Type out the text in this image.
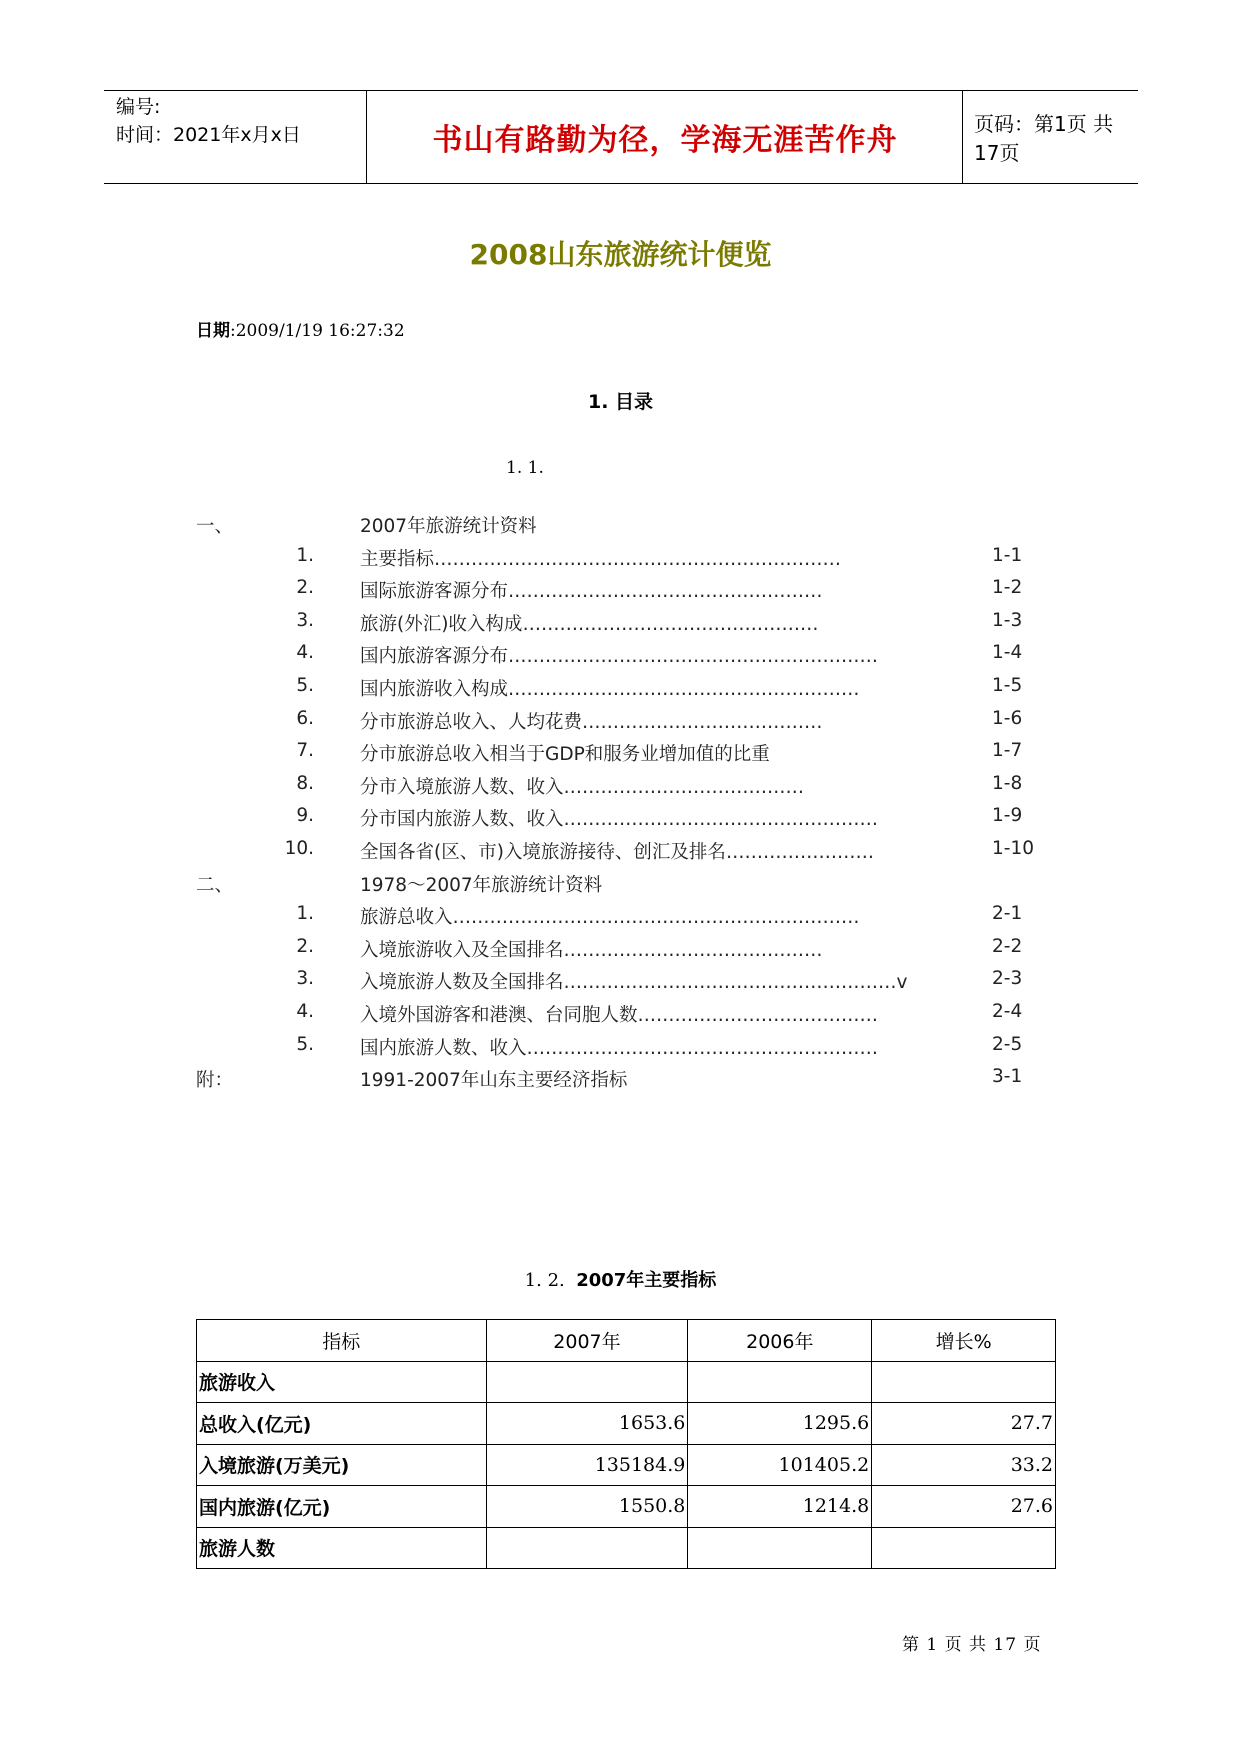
编号:
时间：2021年x月x日	书山有路勤为径，学海无涯苦作舟	页码：第1页 共17页
2008山东旅游统计便览
日期:2009/1/19 16:27:32
1. 目录
1. 1.
一、	2007年旅游统计资料
1.	主要指标…………………………………………………………	1-1
2.	国际旅游客源分布……………………………………………	1-2
3.	旅游(外汇)收入构成…………………………………………	1-3
4.	国内旅游客源分布……………………………………………………	1-4
5.	国内旅游收入构成…………………………………………………	1-5
6.	分市旅游总收入、人均花费…………………………………	1-6
7.	分市旅游总收入相当于GDP和服务业增加值的比重	1-7
8.	分市入境旅游人数、收入…………………………………	1-8
9.	分市国内旅游人数、收入……………………………………………	1-9
10.	全国各省(区、市)入境旅游接待、创汇及排名……………………	1-10
二、	1978～2007年旅游统计资料
1.	旅游总收入…………………………………………………………	2-1
2.	入境旅游收入及全国排名……………………………………	2-2
3.	入境旅游人数及全国排名………………………………………………v	2-3
4.	入境外国游客和港澳、台同胞人数…………………………………	2-4
5.	国内旅游人数、收入…………………………………………………	2-5
附：	1991-2007年山东主要经济指标	3-1
1. 2. 2007年主要指标
指标	2007年	2006年	增长%
旅游收入			
总收入(亿元)	1653.6	1295.6	27.7
入境旅游(万美元)	135184.9	101405.2	33.2
国内旅游(亿元)	1550.8	1214.8	27.6
旅游人数			
第 1 页 共 17 页
